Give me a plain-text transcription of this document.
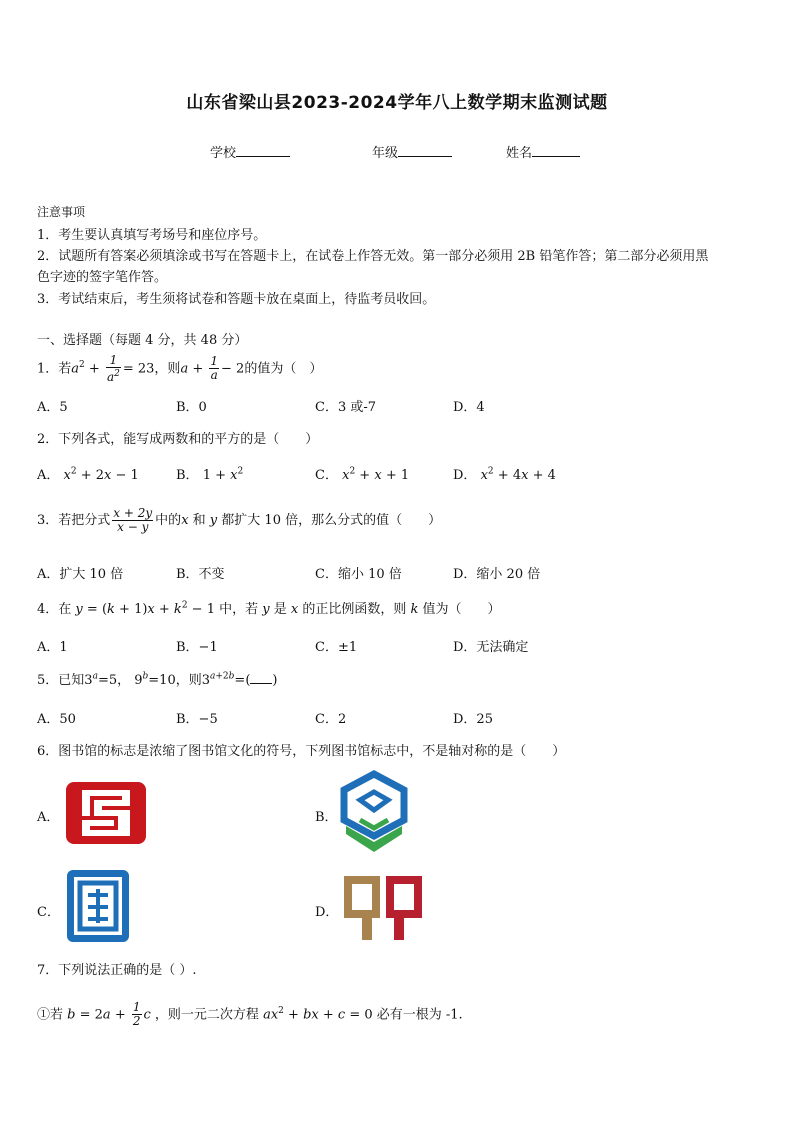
山东省梁山县2023-2024学年八上数学期末监测试题
学校	年级	姓名
注意事项
1．考生要认真填写考场号和座位序号。
2．试题所有答案必须填涂或书写在答题卡上，在试卷上作答无效。第一部分必须用 2B 铅笔作答；第二部分必须用黑
色字迹的签字笔作答。
3．考试结束后，考生须将试卷和答题卡放在桌面上，待监考员收回。
一、选择题（每题 4 分，共 48 分）
1．若$a^2 + \frac{1}{a^2} = 23$，则$a + \frac{1}{a} - 2$的值为（　）
A．5	B．0	C．3 或-7	D．4
2．下列各式，能写成两数和的平方的是（　　）
A． $x^2 + 2x - 1$	B． $1 + x^2$	C． $x^2 + x + 1$	D． $x^2 + 4x + 4$
3．若把分式 $\frac{x + 2y}{x - y}$ 中的x 和 y 都扩大 10 倍，那么分式的值（　　）
A．扩大 10 倍	B．不变	C．缩小 10 倍	D．缩小 20 倍
4．在 $y = (k + 1)x + k^2 - 1$ 中，若 y 是 x 的正比例函数，则 k 值为（　　）
A．1	B．−1	C．±1	D．无法确定
5．已知$3^a=5$， $9^b=10$，则$3^{a+2b}=$( )
A．50	B．−5	C．2	D．25
6．图书馆的标志是浓缩了图书馆文化的符号，下列图书馆标志中，不是轴对称的是（　　）
A．	B．
C．	D．
7．下列说法正确的是（ ）.
①若 $b = 2a + \frac{1}{2}$ c ，则一元二次方程 $ax^2$ + bx + c = 0 必有一根为 -1.
